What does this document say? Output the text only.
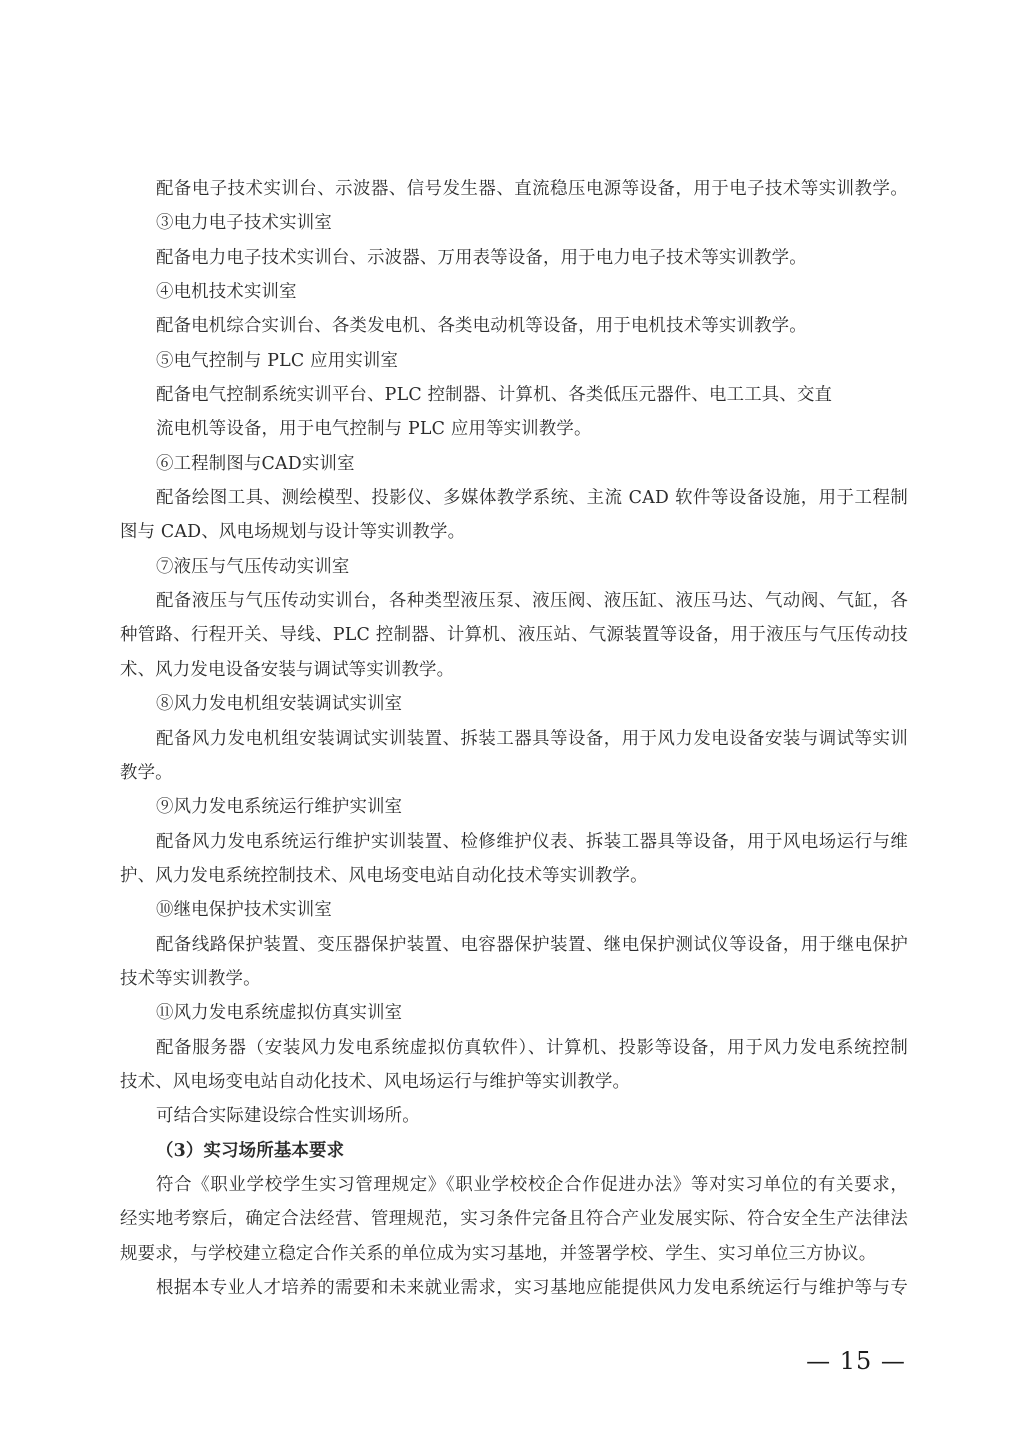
配备电子技术实训台、示波器、信号发生器、直流稳压电源等设备，用于电子技术等实训教学。
③电力电子技术实训室
配备电力电子技术实训台、示波器、万用表等设备，用于电力电子技术等实训教学。
④电机技术实训室
配备电机综合实训台、各类发电机、各类电动机等设备，用于电机技术等实训教学。
⑤电气控制与 PLC 应用实训室
配备电气控制系统实训平台、PLC 控制器、计算机、各类低压元器件、电工工具、交直
流电机等设备，用于电气控制与 PLC 应用等实训教学。
⑥工程制图与CAD实训室
配备绘图工具、测绘模型、投影仪、多媒体教学系统、主流 CAD 软件等设备设施，用于工程制
图与 CAD、风电场规划与设计等实训教学。
⑦液压与气压传动实训室
配备液压与气压传动实训台，各种类型液压泵、液压阀、液压缸、液压马达、气动阀、气缸，各
种管路、行程开关、导线、PLC 控制器、计算机、液压站、气源装置等设备，用于液压与气压传动技
术、风力发电设备安装与调试等实训教学。
⑧风力发电机组安装调试实训室
配备风力发电机组安装调试实训装置、拆装工器具等设备，用于风力发电设备安装与调试等实训
教学。
⑨风力发电系统运行维护实训室
配备风力发电系统运行维护实训装置、检修维护仪表、拆装工器具等设备，用于风电场运行与维
护、风力发电系统控制技术、风电场变电站自动化技术等实训教学。
⑩继电保护技术实训室
配备线路保护装置、变压器保护装置、电容器保护装置、继电保护测试仪等设备，用于继电保护
技术等实训教学。
⑪风力发电系统虚拟仿真实训室
配备服务器（安装风力发电系统虚拟仿真软件）、计算机、投影等设备，用于风力发电系统控制
技术、风电场变电站自动化技术、风电场运行与维护等实训教学。
可结合实际建设综合性实训场所。
（3）实习场所基本要求
符合《职业学校学生实习管理规定》《职业学校校企合作促进办法》等对实习单位的有关要求，
经实地考察后，确定合法经营、管理规范，实习条件完备且符合产业发展实际、符合安全生产法律法
规要求，与学校建立稳定合作关系的单位成为实习基地，并签署学校、学生、实习单位三方协议。
根据本专业人才培养的需要和未来就业需求，实习基地应能提供风力发电系统运行与维护等与专
— 15 —
